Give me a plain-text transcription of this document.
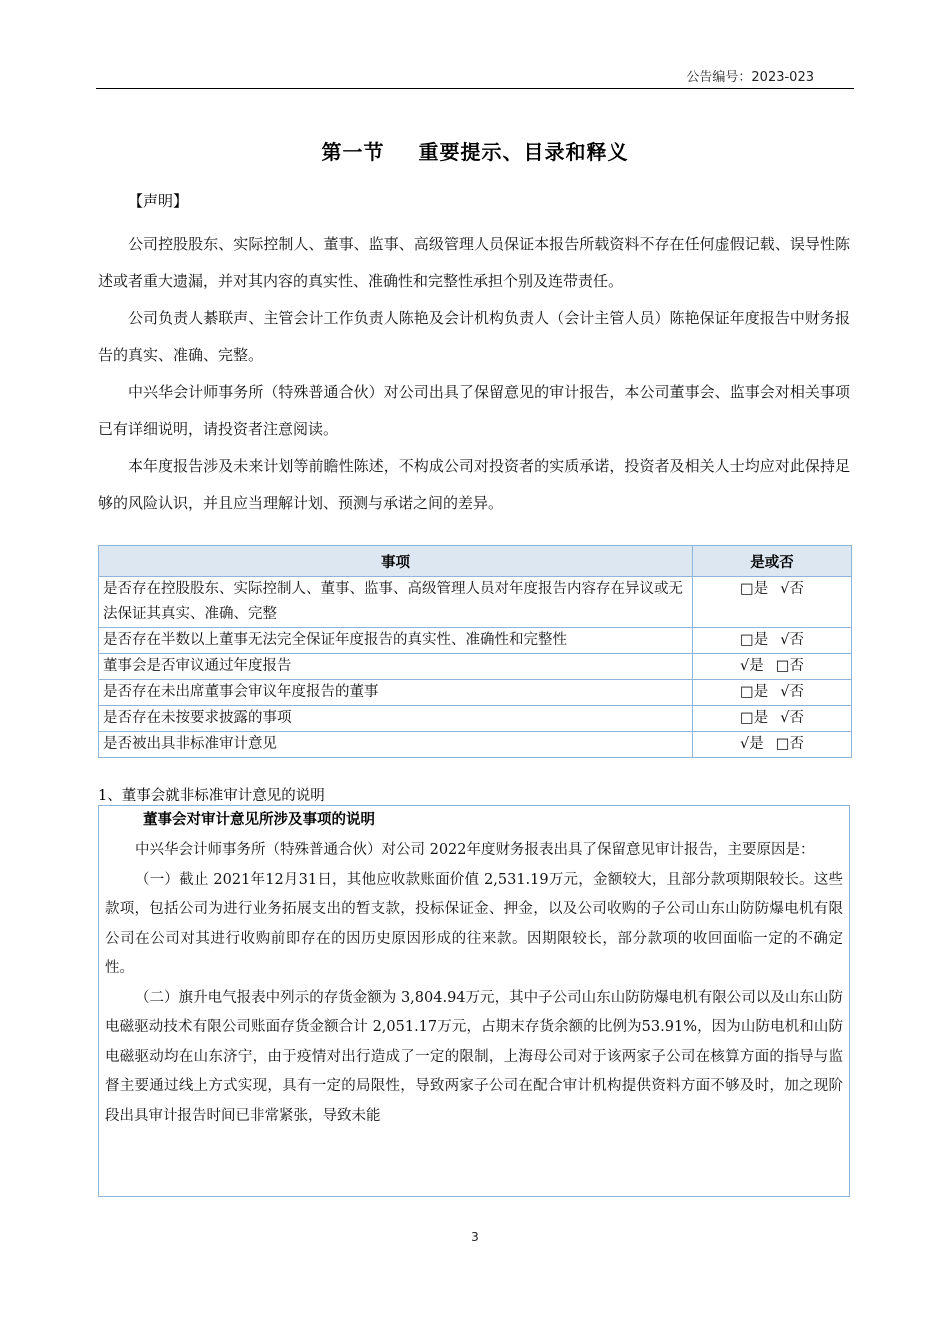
公告编号：2023-023
第一节 重要提示、目录和释义
【声明】

公司控股股东、实际控制人、董事、监事、高级管理人员保证本报告所载资料不存在任何虚假记载、误导性陈述或者重大遗漏，并对其内容的真实性、准确性和完整性承担个别及连带责任。

公司负责人綦联声、主管会计工作负责人陈艳及会计机构负责人（会计主管人员）陈艳保证年度报告中财务报告的真实、准确、完整。

中兴华会计师事务所（特殊普通合伙）对公司出具了保留意见的审计报告，本公司董事会、监事会对相关事项已有详细说明，请投资者注意阅读。

本年度报告涉及未来计划等前瞻性陈述，不构成公司对投资者的实质承诺，投资者及相关人士均应对此保持足够的风险认识，并且应当理解计划、预测与承诺之间的差异。

事项	是或否
是否存在控股股东、实际控制人、董事、监事、高级管理人员对年度报告内容存在异议或无法保证其真实、准确、完整	□是 √否
是否存在半数以上董事无法完全保证年度报告的真实性、准确性和完整性	□是 √否
董事会是否审议通过年度报告	√是 □否
是否存在未出席董事会审议年度报告的董事	□是 √否
是否存在未按要求披露的事项	□是 √否
是否被出具非标准审计意见	√是 □否
1、董事会就非标准审计意见的说明
董事会对审计意见所涉及事项的说明

中兴华会计师事务所（特殊普通合伙）对公司 2022年度财务报表出具了保留意见审计报告，主要原因是：

（一）截止 2021年12月31日，其他应收款账面价值 2,531.19万元，金额较大，且部分款项期限较长。这些款项，包括公司为进行业务拓展支出的暂支款，投标保证金、押金，以及公司收购的子公司山东山防防爆电机有限公司在公司对其进行收购前即存在的因历史原因形成的往来款。因期限较长，部分款项的收回面临一定的不确定性。

（二）旗升电气报表中列示的存货金额为 3,804.94万元，其中子公司山东山防防爆电机有限公司以及山东山防电磁驱动技术有限公司账面存货金额合计 2,051.17万元，占期末存货余额的比例为53.91%，因为山防电机和山防电磁驱动均在山东济宁，由于疫情对出行造成了一定的限制，上海母公司对于该两家子公司在核算方面的指导与监督主要通过线上方式实现，具有一定的局限性，导致两家子公司在配合审计机构提供资料方面不够及时，加之现阶段出具审计报告时间已非常紧张，导致未能

3
